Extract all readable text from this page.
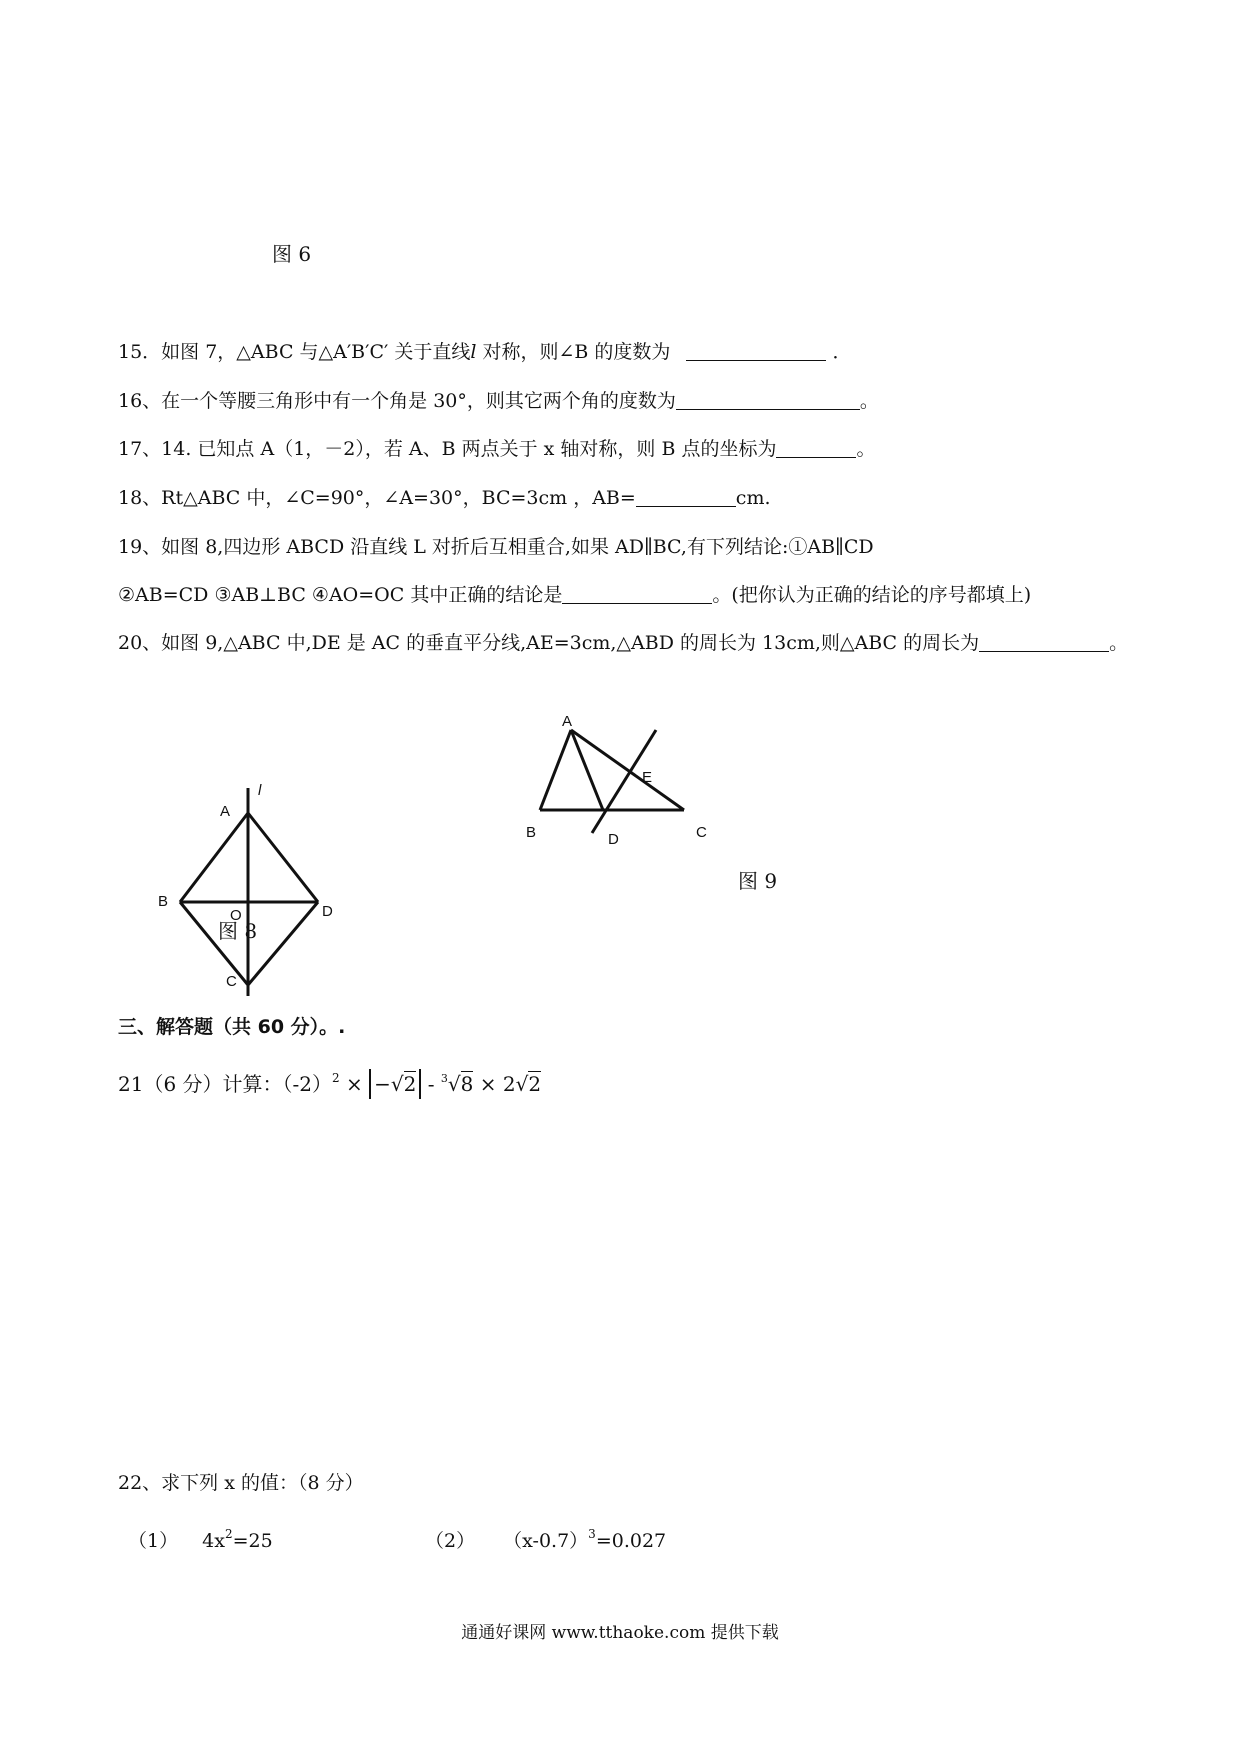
图 6
15．如图 7，△ABC 与△A′B′C′ 关于直线l 对称，则∠B 的度数为	．
16、在一个等腰三角形中有一个角是 30°，则其它两个角的度数为	。
17、14. 已知点 A（1，－2），若 A、B 两点关于 x 轴对称，则 B 点的坐标为	。
18、Rt△ABC 中，∠C=90°，∠A=30°，BC=3cm ，AB=	cm.
19、如图 8,四边形 ABCD 沿直线 L 对折后互相重合,如果 AD∥BC,有下列结论:①AB∥CD
②AB=CD ③AB⊥BC ④AO=OC 其中正确的结论是	。(把你认为正确的结论的序号都填上)
20、如图 9,△ABC 中,DE 是 AC 的垂直平分线,AE=3cm,△ABD 的周长为 13cm,则△ABC 的周长为	。
A
B	D	C
E
图 9
A
l
B
O	D
C
图 8
三、解答题（共 60 分）。.
21（6 分）计算：$(-2)^2 \times -√2 - ^3√8 \times 2√2$
22、求下列 x 的值：（8 分）
（1） $4x^2=25$	（2） $(x-0.7)^3=0.027$
通通好课网 www.tthaoke.com 提供下载
